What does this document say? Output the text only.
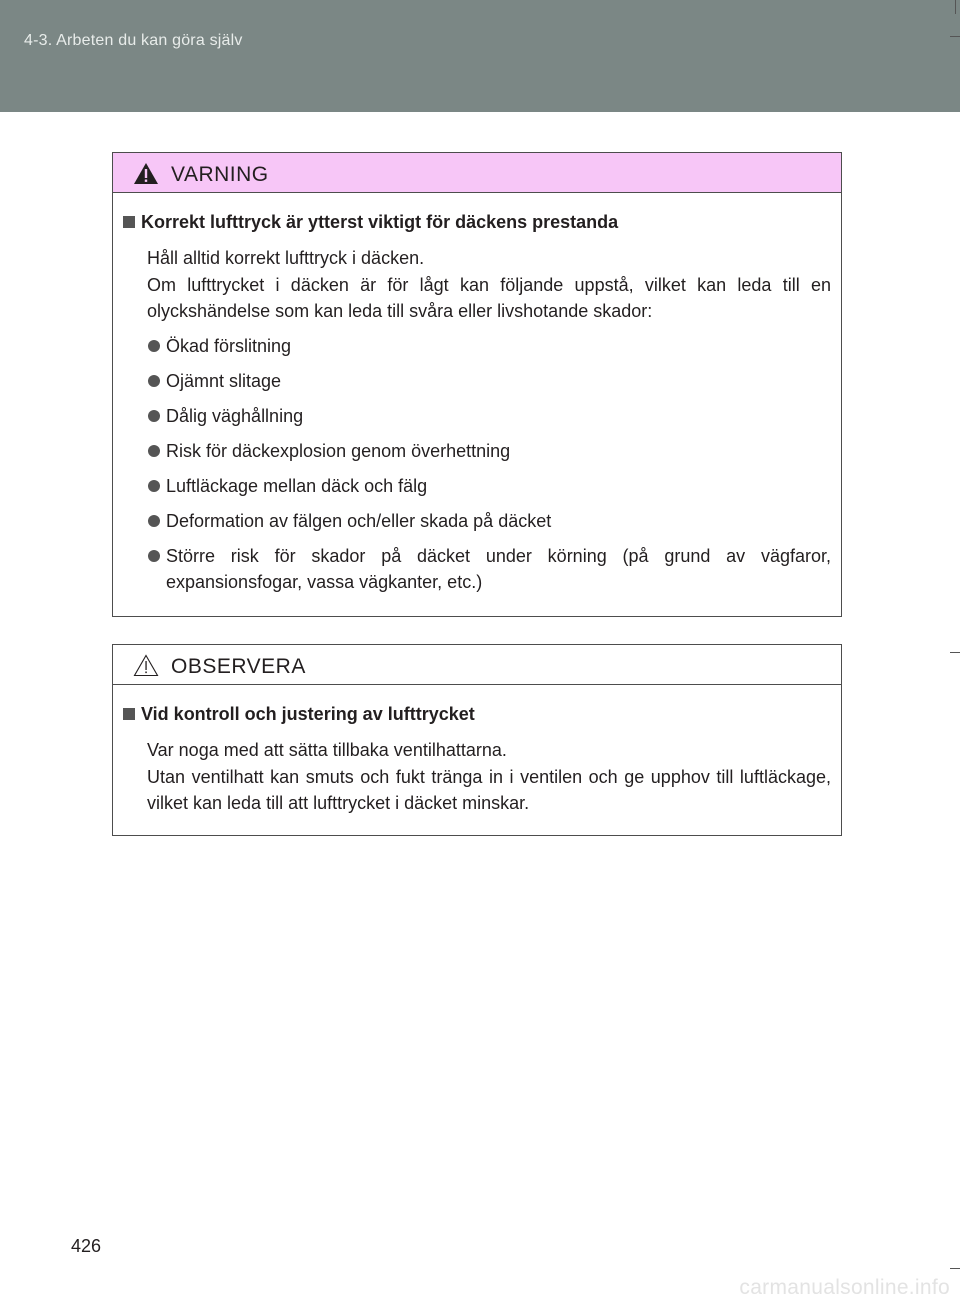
4-3. Arbeten du kan göra själv
VARNING
Korrekt lufttryck är ytterst viktigt för däckens prestanda
Håll alltid korrekt lufttryck i däcken.
Om lufttrycket i däcken är för lågt kan följande uppstå, vilket kan leda till en olyckshändelse som kan leda till svåra eller livshotande skador:
Ökad förslitning
Ojämnt slitage
Dålig väghållning
Risk för däckexplosion genom överhettning
Luftläckage mellan däck och fälg
Deformation av fälgen och/eller skada på däcket
Större risk för skador på däcket under körning (på grund av vägfaror, expansionsfogar, vassa vägkanter, etc.)
OBSERVERA
Vid kontroll och justering av lufttrycket
Var noga med att sätta tillbaka ventilhattarna.
Utan ventilhatt kan smuts och fukt tränga in i ventilen och ge upphov till luftläckage, vilket kan leda till att lufttrycket i däcket minskar.
426
carmanualsonline.info
